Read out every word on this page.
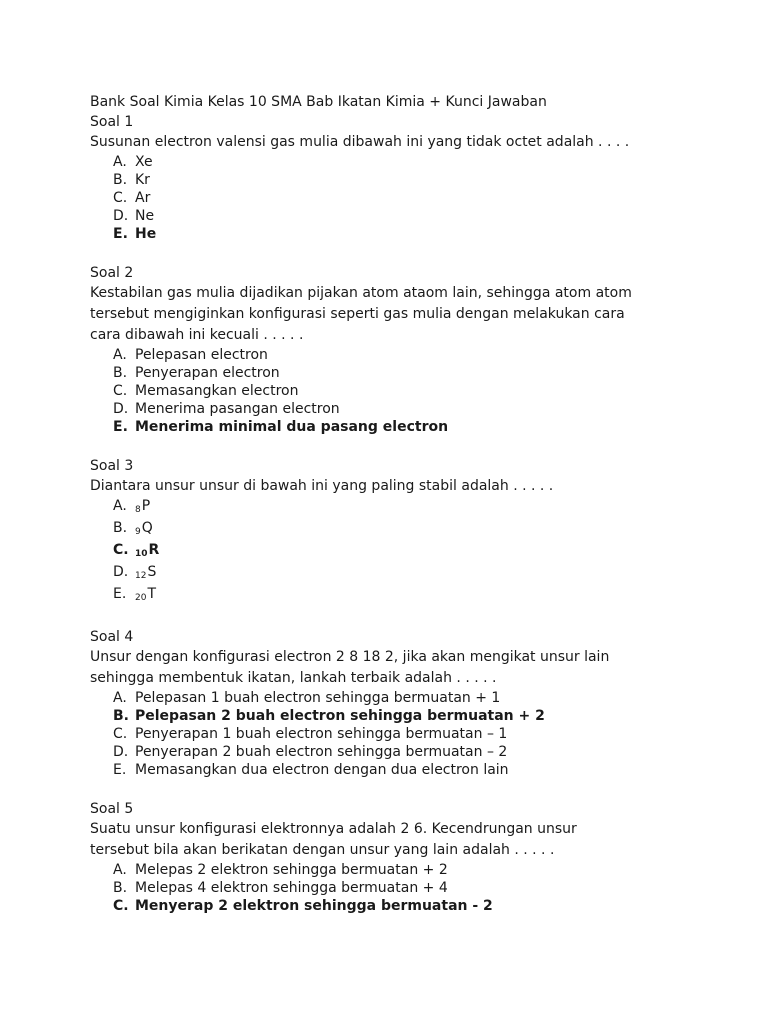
Bank Soal Kimia Kelas 10 SMA Bab Ikatan Kimia + Kunci Jawaban

Soal 1

Susunan electron valensi gas mulia dibawah ini yang tidak octet adalah . . . .

A. Xe
B. Kr
C. Ar
D. Ne
E. He

Soal 2

Kestabilan gas mulia dijadikan pijakan atom ataom lain, sehingga atom atom
tersebut mengiginkan konfigurasi seperti gas mulia dengan melakukan cara
cara dibawah ini kecuali . . . . .

A. Pelepasan electron
B. Penyerapan electron
C. Memasangkan electron
D. Menerima pasangan electron
E. Menerima minimal dua pasang electron

Soal 3

Diantara unsur unsur di bawah ini yang paling stabil adalah . . . . .

A. $_8$P
B. $_9$Q
C. $_{10}$R
D. $_{12}$S
E. $_{20}$T

Soal 4

Unsur dengan konfigurasi electron 2 8 18 2, jika akan mengikat unsur lain
sehingga membentuk ikatan, lankah terbaik adalah . . . . .

A. Pelepasan 1 buah electron sehingga bermuatan + 1
B. Pelepasan 2 buah electron sehingga bermuatan + 2
C. Penyerapan 1 buah electron sehingga bermuatan – 1
D. Penyerapan 2 buah electron sehingga bermuatan – 2
E. Memasangkan dua electron dengan dua electron lain

Soal 5

Suatu unsur konfigurasi elektronnya adalah 2 6. Kecendrungan unsur
tersebut bila akan berikatan dengan unsur yang lain adalah . . . . .

A. Melepas 2 elektron sehingga bermuatan + 2
B. Melepas 4 elektron sehingga bermuatan + 4
C. Menyerap 2 elektron sehingga bermuatan - 2
